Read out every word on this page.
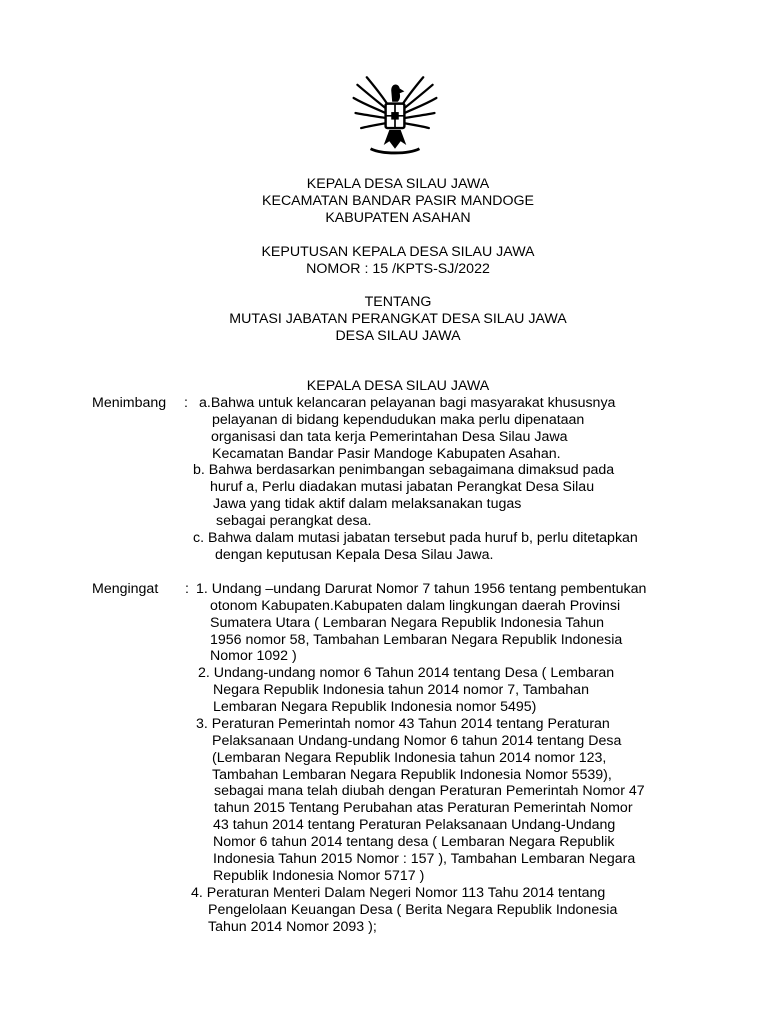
KEPALA DESA SILAU JAWA
KECAMATAN BANDAR PASIR MANDOGE
KABUPATEN ASAHAN
KEPUTUSAN KEPALA DESA SILAU JAWA
NOMOR : 15 /KPTS-SJ/2022
TENTANG
MUTASI JABATAN PERANGKAT DESA SILAU JAWA
DESA SILAU JAWA
KEPALA DESA SILAU JAWA
Menimbang : a.Bahwa untuk kelancaran pelayanan bagi masyarakat khususnya
pelayanan di bidang kependudukan maka perlu dipenataan
organisasi dan tata kerja Pemerintahan Desa Silau Jawa
Kecamatan Bandar Pasir Mandoge Kabupaten Asahan.
b. Bahwa berdasarkan penimbangan sebagaimana dimaksud pada
huruf a, Perlu diadakan mutasi jabatan Perangkat Desa Silau
Jawa yang tidak aktif dalam melaksanakan tugas
sebagai perangkat desa.
c. Bahwa dalam mutasi jabatan tersebut pada huruf b, perlu ditetapkan
dengan keputusan Kepala Desa Silau Jawa.
Mengingat : 1. Undang –undang Darurat Nomor 7 tahun 1956 tentang pembentukan
otonom Kabupaten.Kabupaten dalam lingkungan daerah Provinsi
Sumatera Utara ( Lembaran Negara Republik Indonesia Tahun
1956 nomor 58, Tambahan Lembaran Negara Republik Indonesia
Nomor 1092 )
2. Undang-undang nomor 6 Tahun 2014 tentang Desa ( Lembaran
Negara Republik Indonesia tahun 2014 nomor 7, Tambahan
Lembaran Negara Republik Indonesia nomor 5495)
3. Peraturan Pemerintah nomor 43 Tahun 2014 tentang Peraturan
Pelaksanaan Undang-undang Nomor 6 tahun 2014 tentang Desa
(Lembaran Negara Republik Indonesia tahun 2014 nomor 123,
Tambahan Lembaran Negara Republik Indonesia Nomor 5539),
sebagai mana telah diubah dengan Peraturan Pemerintah Nomor 47
tahun 2015 Tentang Perubahan atas Peraturan Pemerintah Nomor
43 tahun 2014 tentang Peraturan Pelaksanaan Undang-Undang
Nomor 6 tahun 2014 tentang desa ( Lembaran Negara Republik
Indonesia Tahun 2015 Nomor : 157 ), Tambahan Lembaran Negara
Republik Indonesia Nomor 5717 )
4. Peraturan Menteri Dalam Negeri Nomor 113 Tahu 2014 tentang
Pengelolaan Keuangan Desa ( Berita Negara Republik Indonesia
Tahun 2014 Nomor 2093 );
